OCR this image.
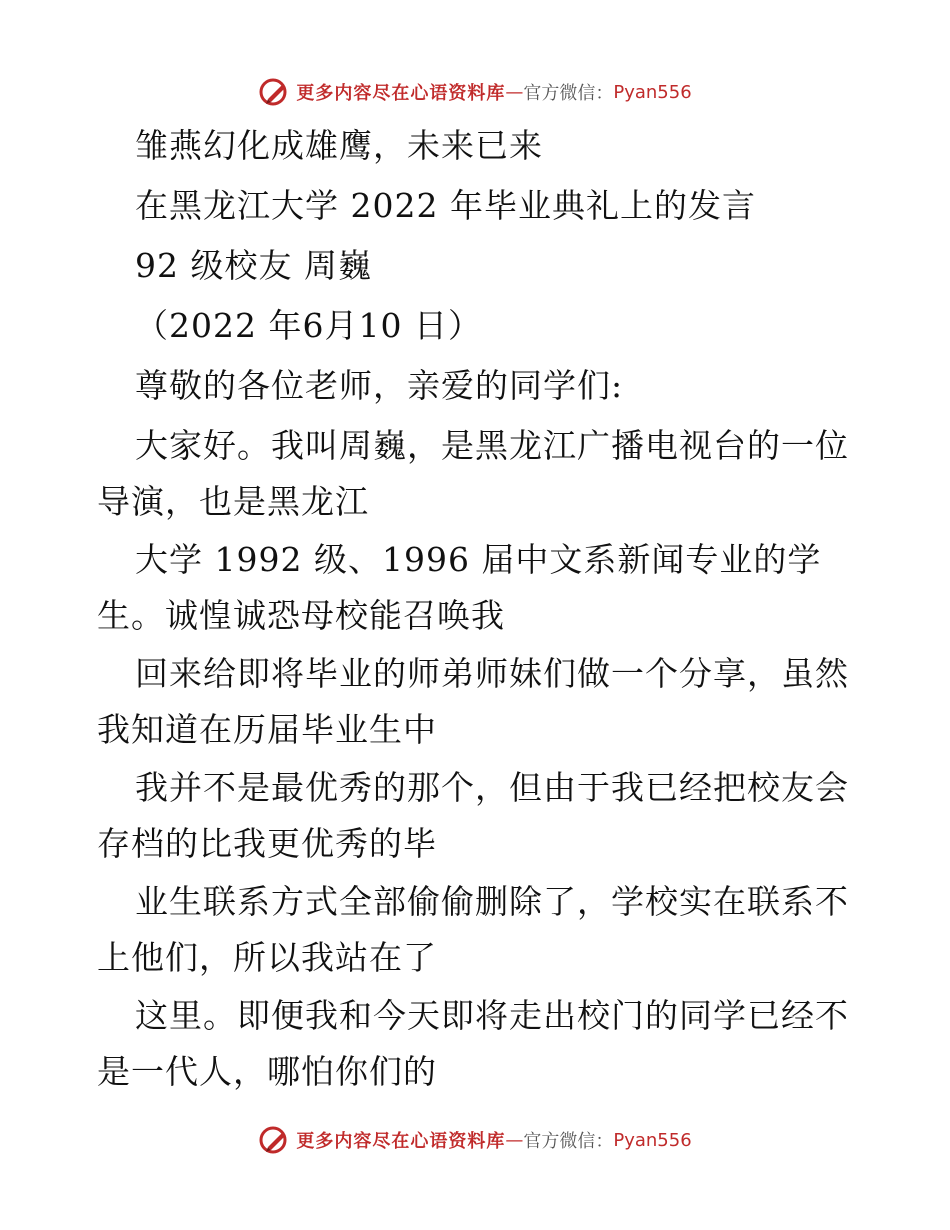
更多内容尽在心语资料库 — 官方微信： Pyan556
雏燕幻化成雄鹰，未来已来
在黑龙江大学 2022 年毕业典礼上的发言
92 级校友 周巍
（2022 年6月10 日）
尊敬的各位老师，亲爱的同学们:
大家好。我叫周巍，是黑龙江广播电视台的一位
导演，也是黑龙江
大学 1992 级、1996 届中文系新闻专业的学
生。诚惶诚恐母校能召唤我
回来给即将毕业的师弟师妹们做一个分享，虽然
我知道在历届毕业生中
我并不是最优秀的那个，但由于我已经把校友会
存档的比我更优秀的毕
业生联系方式全部偷偷删除了，学校实在联系不
上他们，所以我站在了
这里。即便我和今天即将走出校门的同学已经不
是一代人，哪怕你们的
更多内容尽在心语资料库 — 官方微信： Pyan556
